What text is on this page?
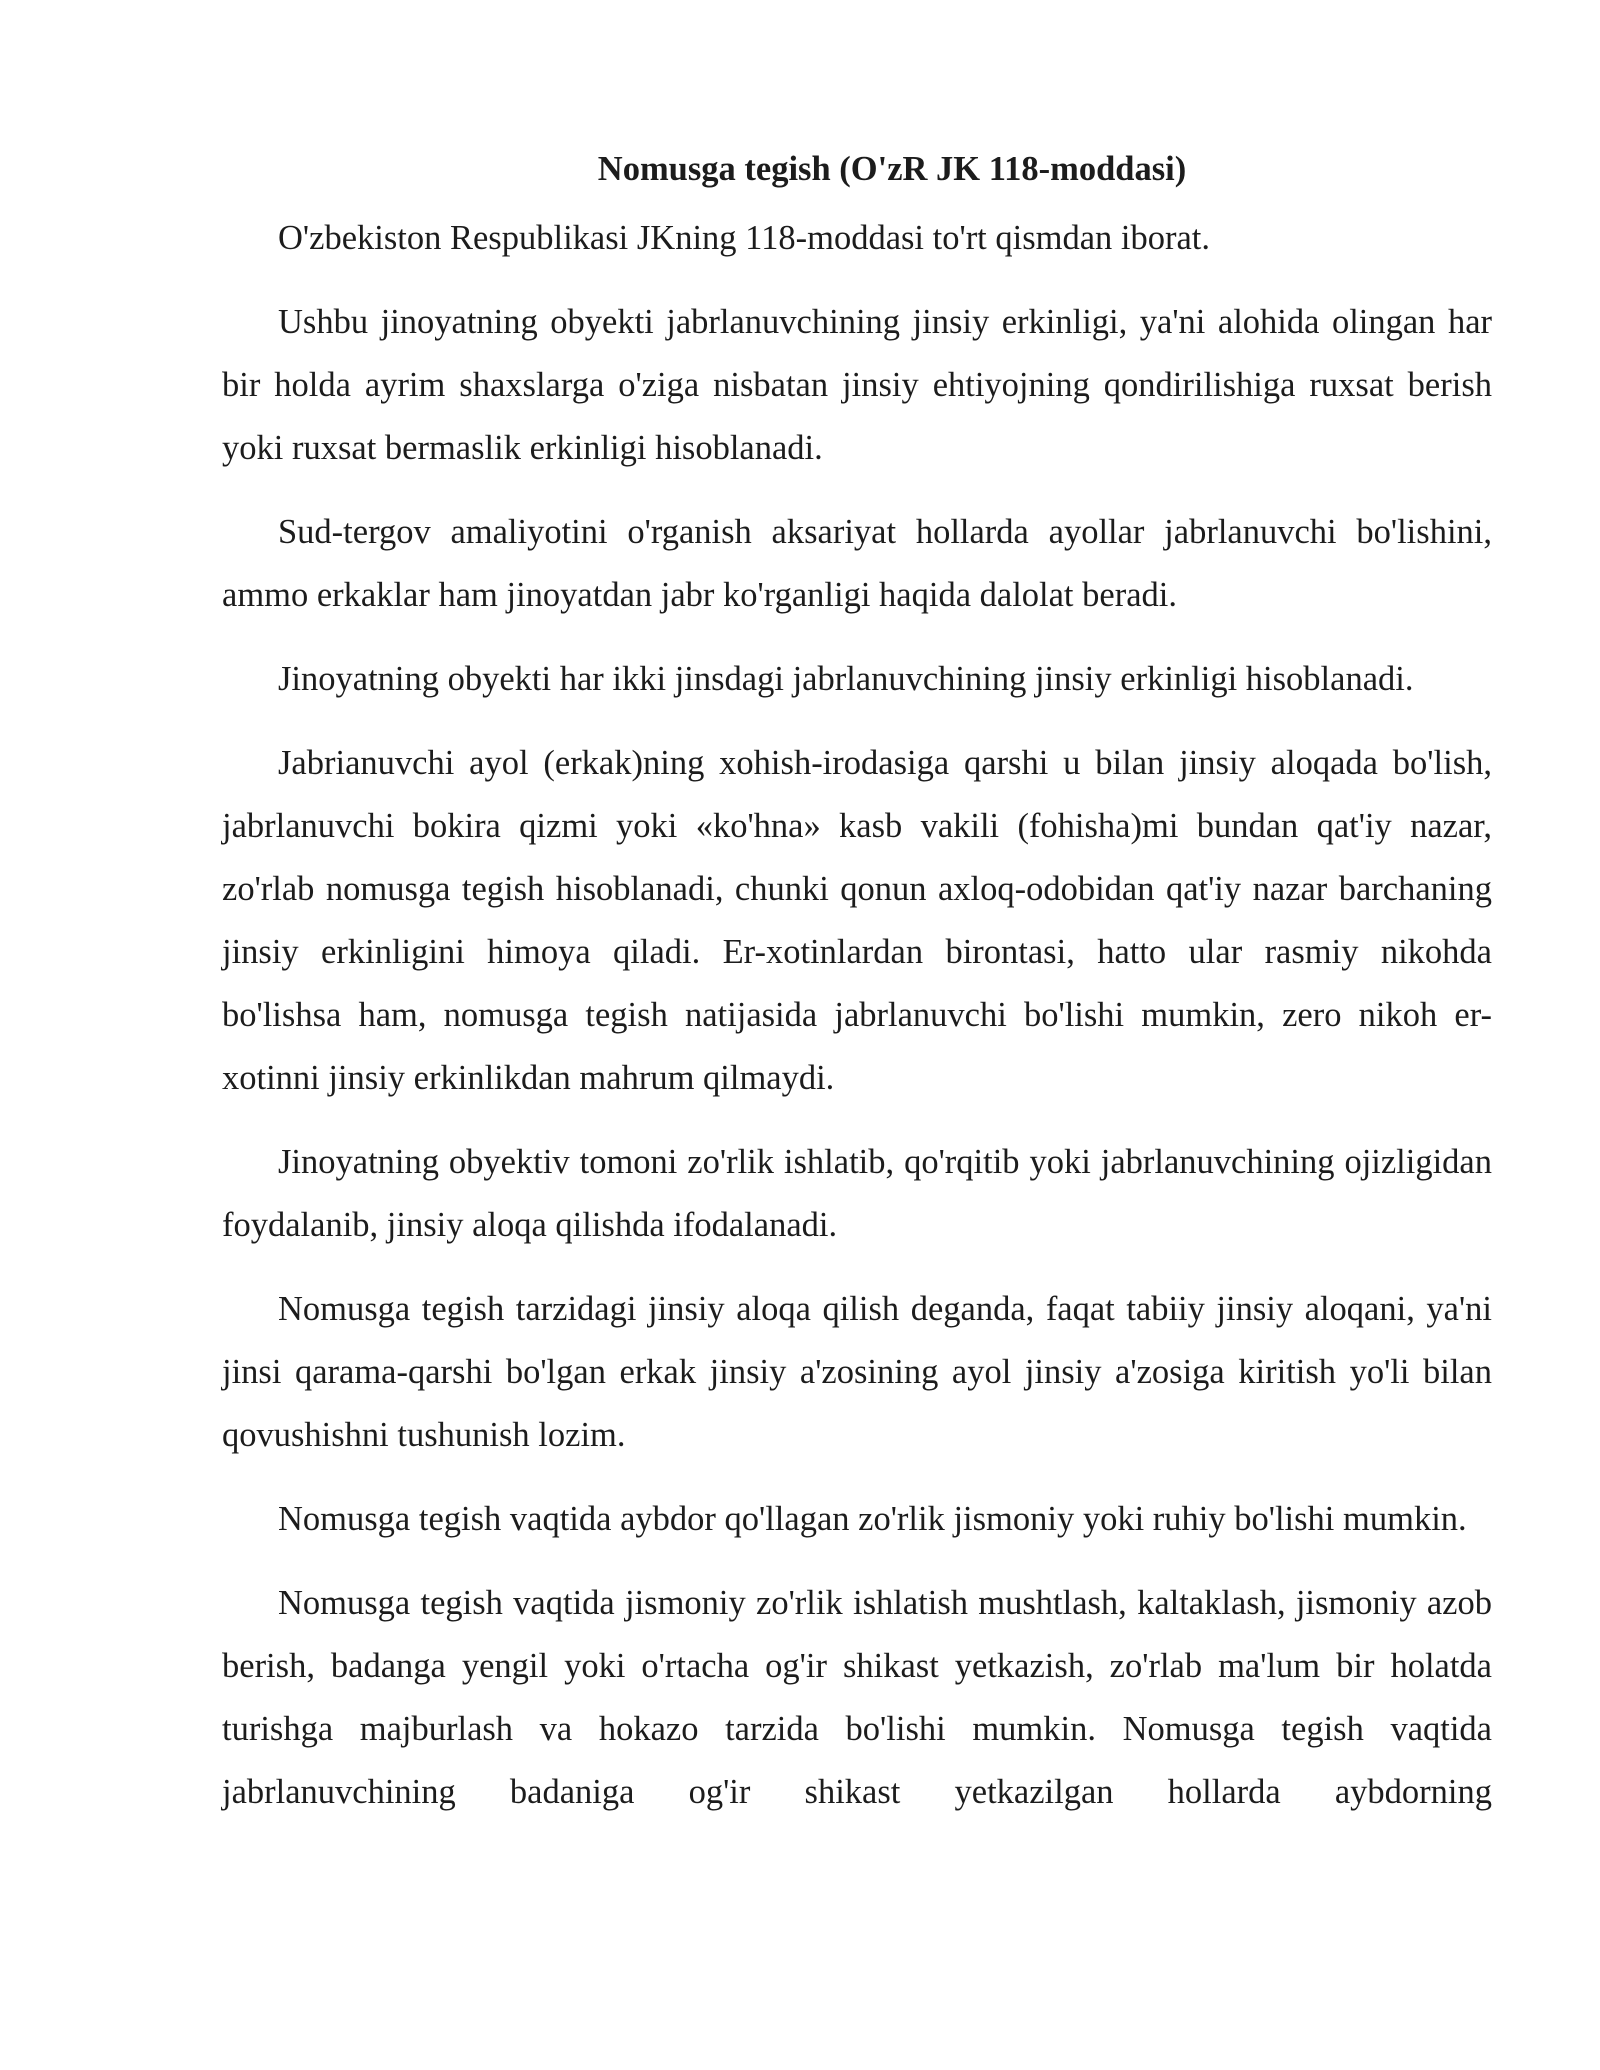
Nomusga tegish (O'zR JK 118-moddasi)

O'zbekiston Respublikasi JKning 118-moddasi to'rt qismdan iborat.

Ushbu jinoyatning obyekti jabrlanuvchining jinsiy erkinligi, ya'ni alohida olingan har bir holda ayrim shaxslarga o'ziga nisbatan jinsiy ehtiyojning qondirilishiga ruxsat berish yoki ruxsat bermaslik erkinligi hisoblanadi.

Sud-tergov amaliyotini o'rganish aksariyat hollarda ayollar jabrlanuvchi bo'lishini, ammo erkaklar ham jinoyatdan jabr ko'rganligi haqida dalolat beradi.

Jinoyatning obyekti har ikki jinsdagi jabrlanuvchining jinsiy erkinligi hisoblanadi.

Jabrianuvchi ayol (erkak)ning xohish-irodasiga qarshi u bilan jinsiy aloqada bo'lish, jabrlanuvchi bokira qizmi yoki «ko'hna» kasb vakili (fohisha)mi bundan qat'iy nazar, zo'rlab nomusga tegish hisoblanadi, chunki qonun axloq-odobidan qat'iy nazar barchaning jinsiy erkinligini himoya qiladi. Er-xotinlardan birontasi, hatto ular rasmiy nikohda bo'lishsa ham, nomusga tegish natijasida jabrlanuvchi bo'lishi mumkin, zero nikoh er-xotinni jinsiy erkinlikdan mahrum qilmaydi.

Jinoyatning obyektiv tomoni zo'rlik ishlatib, qo'rqitib yoki jabrlanuvchining ojizligidan foydalanib, jinsiy aloqa qilishda ifodalanadi.

Nomusga tegish tarzidagi jinsiy aloqa qilish deganda, faqat tabiiy jinsiy aloqani, ya'ni jinsi qarama-qarshi bo'lgan erkak jinsiy a'zosining ayol jinsiy a'zosiga kiritish yo'li bilan qovushishni tushunish lozim.

Nomusga tegish vaqtida aybdor qo'llagan zo'rlik jismoniy yoki ruhiy bo'lishi mumkin.

Nomusga tegish vaqtida jismoniy zo'rlik ishlatish mushtlash, kaltaklash, jismoniy azob berish, badanga yengil yoki o'rtacha og'ir shikast yetkazish, zo'rlab ma'lum bir holatda turishga majburlash va hokazo tarzida bo'lishi mumkin. Nomusga tegish vaqtida jabrlanuvchining badaniga og'ir shikast yetkazilgan hollarda aybdorning
